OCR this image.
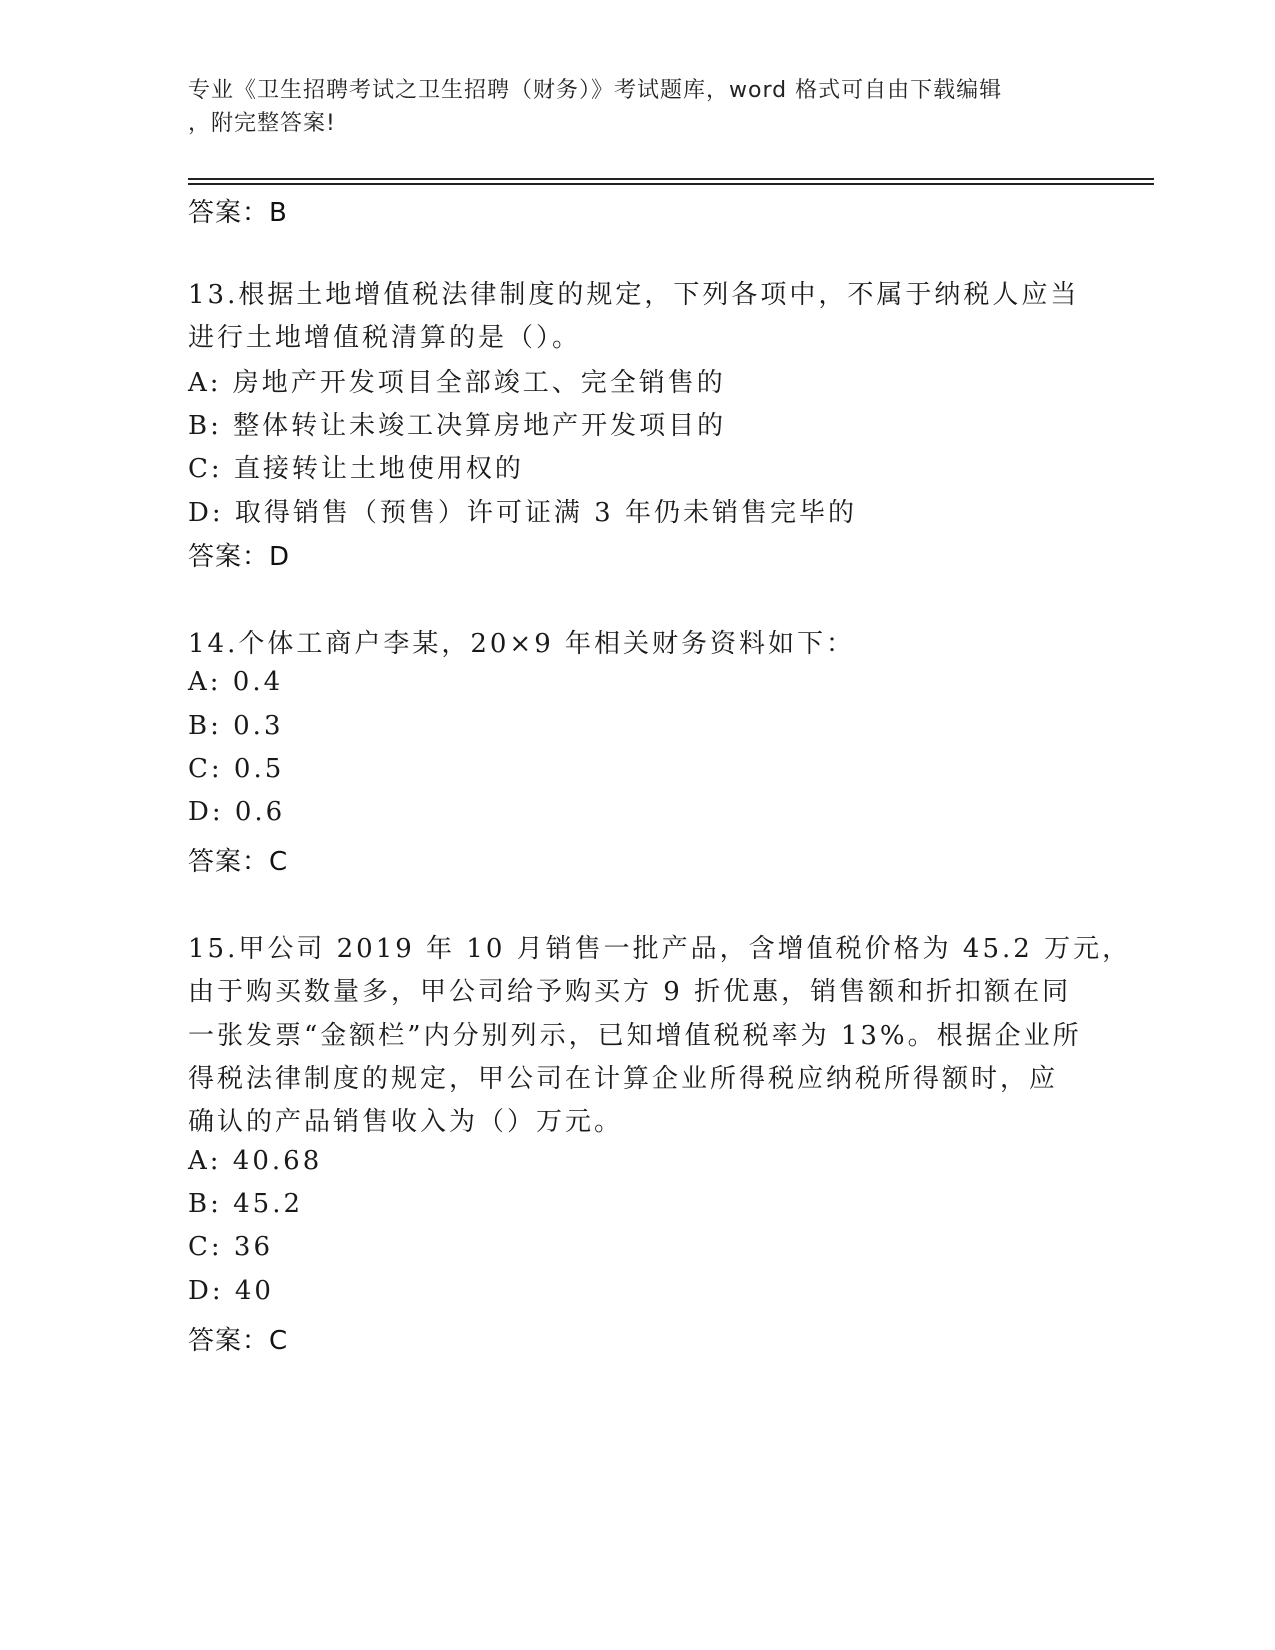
专业《卫生招聘考试之卫生招聘（财务）》考试题库，word 格式可自由下载编辑
，附完整答案!
答案：B
13.根据土地增值税法律制度的规定，下列各项中，不属于纳税人应当
进行土地增值税清算的是（）。
A: 房地产开发项目全部竣工、完全销售的
B: 整体转让未竣工决算房地产开发项目的
C: 直接转让土地使用权的
D: 取得销售（预售）许可证满 3 年仍未销售完毕的
答案：D
14.个体工商户李某，20×9 年相关财务资料如下：
A: 0.4
B: 0.3
C: 0.5
D: 0.6
答案：C
15.甲公司 2019 年 10 月销售一批产品，含增值税价格为 45.2 万元，
由于购买数量多，甲公司给予购买方 9 折优惠，销售额和折扣额在同
一张发票“金额栏”内分别列示，已知增值税税率为 13%。根据企业所
得税法律制度的规定，甲公司在计算企业所得税应纳税所得额时，应
确认的产品销售收入为（）万元。
A: 40.68
B: 45.2
C: 36
D: 40
答案：C
